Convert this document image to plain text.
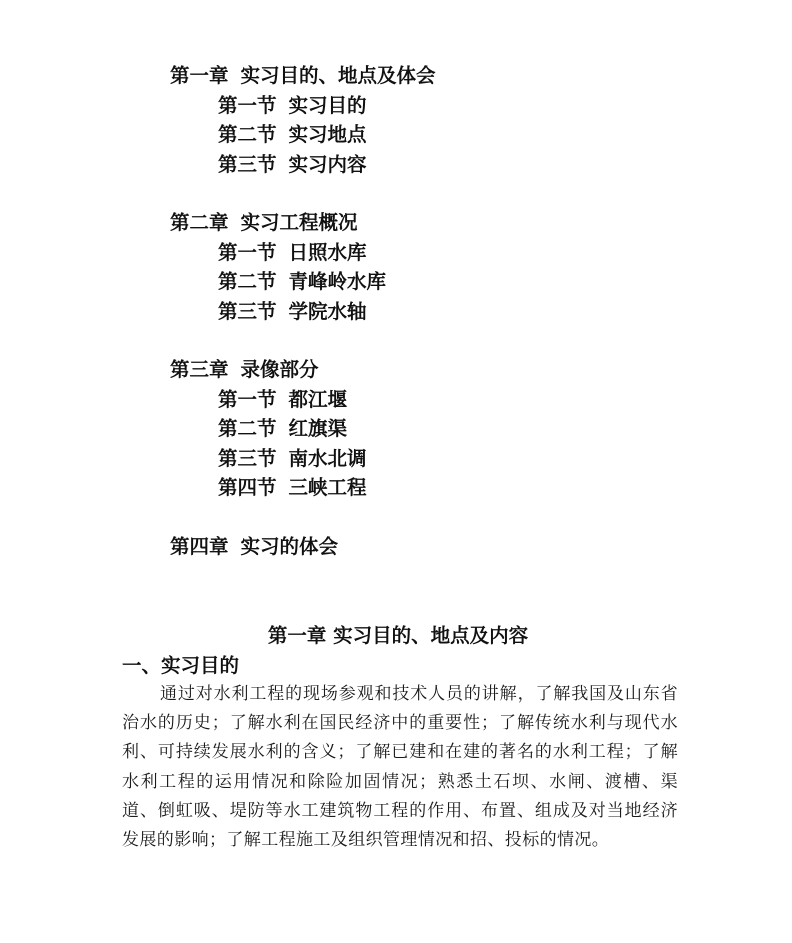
第一章 实习目的、地点及体会
第一节 实习目的
第二节 实习地点
第三节 实习内容
第二章 实习工程概况
第一节 日照水库
第二节 青峰岭水库
第三节 学院水轴
第三章 录像部分
第一节 都江堰
第二节 红旗渠
第三节 南水北调
第四节 三峡工程
第四章 实习的体会
第一章 实习目的、地点及内容
一、实习目的
通过对水利工程的现场参观和技术人员的讲解，了解我国及山东省治水的历史；了解水利在国民经济中的重要性；了解传统水利与现代水利、可持续发展水利的含义；了解已建和在建的著名的水利工程；了解水利工程的运用情况和除险加固情况；熟悉土石坝、水闸、渡槽、渠道、倒虹吸、堤防等水工建筑物工程的作用、布置、组成及对当地经济发展的影响；了解工程施工及组织管理情况和招、投标的情况。
